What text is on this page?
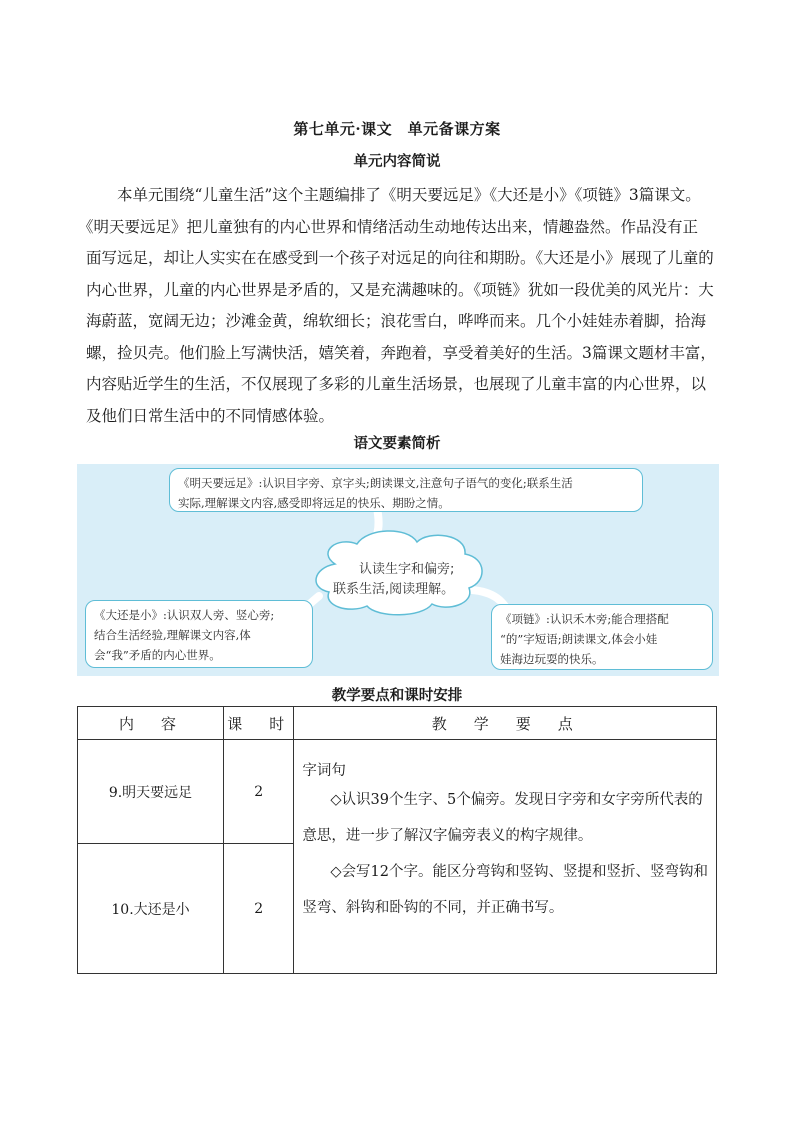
第七单元·课文　单元备课方案
单元内容简说
　　本单元围绕“儿童生活”这个主题编排了《明天要远足》《大还是小》《项链》3篇课文。
《明天要远足》把儿童独有的内心世界和情绪活动生动地传达出来，情趣盎然。作品没有正
面写远足，却让人实实在在感受到一个孩子对远足的向往和期盼。《大还是小》展现了儿童的
内心世界，儿童的内心世界是矛盾的，又是充满趣味的。《项链》犹如一段优美的风光片：大
海蔚蓝，宽阔无边；沙滩金黄，绵软细长；浪花雪白，哗哗而来。几个小娃娃赤着脚，拾海
螺，捡贝壳。他们脸上写满快活，嬉笑着，奔跑着，享受着美好的生活。3篇课文题材丰富，
内容贴近学生的生活，不仅展现了多彩的儿童生活场景，也展现了儿童丰富的内心世界，以
及他们日常生活中的不同情感体验。
语文要素简析
《明天要远足》:认识目字旁、京字头;朗读课文,注意句子语气的变化;联系生活
实际,理解课文内容,感受即将远足的快乐、期盼之情。
认读生字和偏旁;
联系生活,阅读理解。
《大还是小》:认识双人旁、竖心旁;
结合生活经验,理解课文内容,体
会“我”矛盾的内心世界。
《项链》:认识禾木旁;能合理搭配
“的”字短语;朗读课文,体会小娃
娃海边玩耍的快乐。
教学要点和课时安排
内　容	课　时	教　学　要　点
9.明天要远足	2	字词句
◇认识39个生字、5个偏旁。发现日字旁和女字旁所代表的
意思，进一步了解汉字偏旁表义的构字规律。
◇会写12个字。能区分弯钩和竖钩、竖提和竖折、竖弯钩和
竖弯、斜钩和卧钩的不同，并正确书写。

10.大还是小	2	
